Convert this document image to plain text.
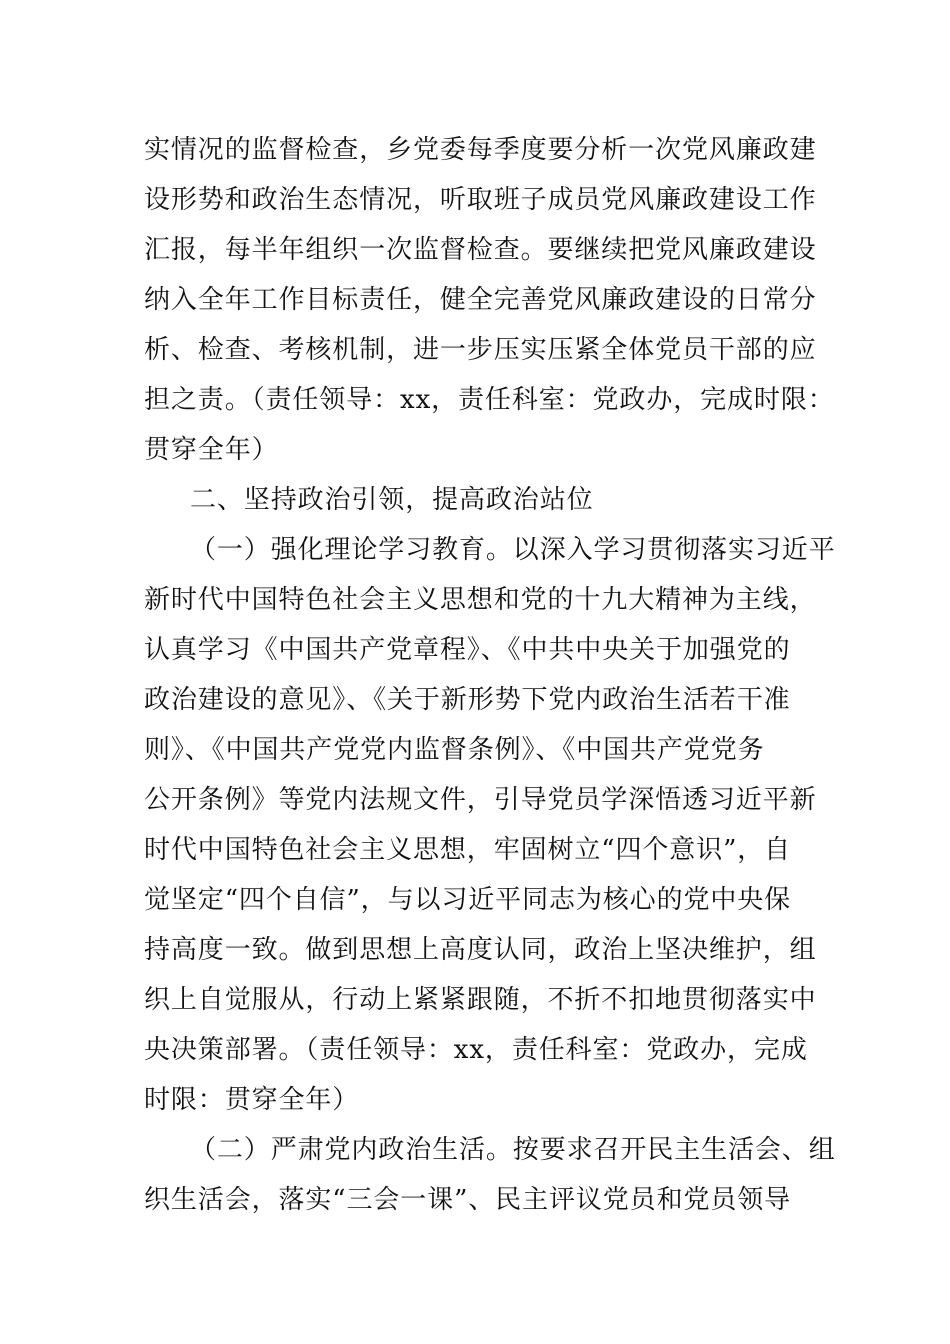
实情况的监督检查，乡党委每季度要分析一次党风廉政建
设形势和政治生态情况，听取班子成员党风廉政建设工作
汇报，每半年组织一次监督检查。要继续把党风廉政建设
纳入全年工作目标责任，健全完善党风廉政建设的日常分
析、检查、考核机制，进一步压实压紧全体党员干部的应
担之责。（责任领导：xx，责任科室：党政办，完成时限：
贯穿全年）
二、坚持政治引领，提高政治站位
（一）强化理论学习教育。以深入学习贯彻落实习近平
新时代中国特色社会主义思想和党的十九大精神为主线，
认真学习《中国共产党章程》、《中共中央关于加强党的
政治建设的意见》、《关于新形势下党内政治生活若干准
则》、《中国共产党党内监督条例》、《中国共产党党务
公开条例》等党内法规文件，引导党员学深悟透习近平新
时代中国特色社会主义思想，牢固树立“四个意识”，自
觉坚定“四个自信”，与以习近平同志为核心的党中央保
持高度一致。做到思想上高度认同，政治上坚决维护，组
织上自觉服从，行动上紧紧跟随，不折不扣地贯彻落实中
央决策部署。（责任领导：xx，责任科室：党政办，完成
时限：贯穿全年）
（二）严肃党内政治生活。按要求召开民主生活会、组
织生活会，落实“三会一课”、民主评议党员和党员领导
